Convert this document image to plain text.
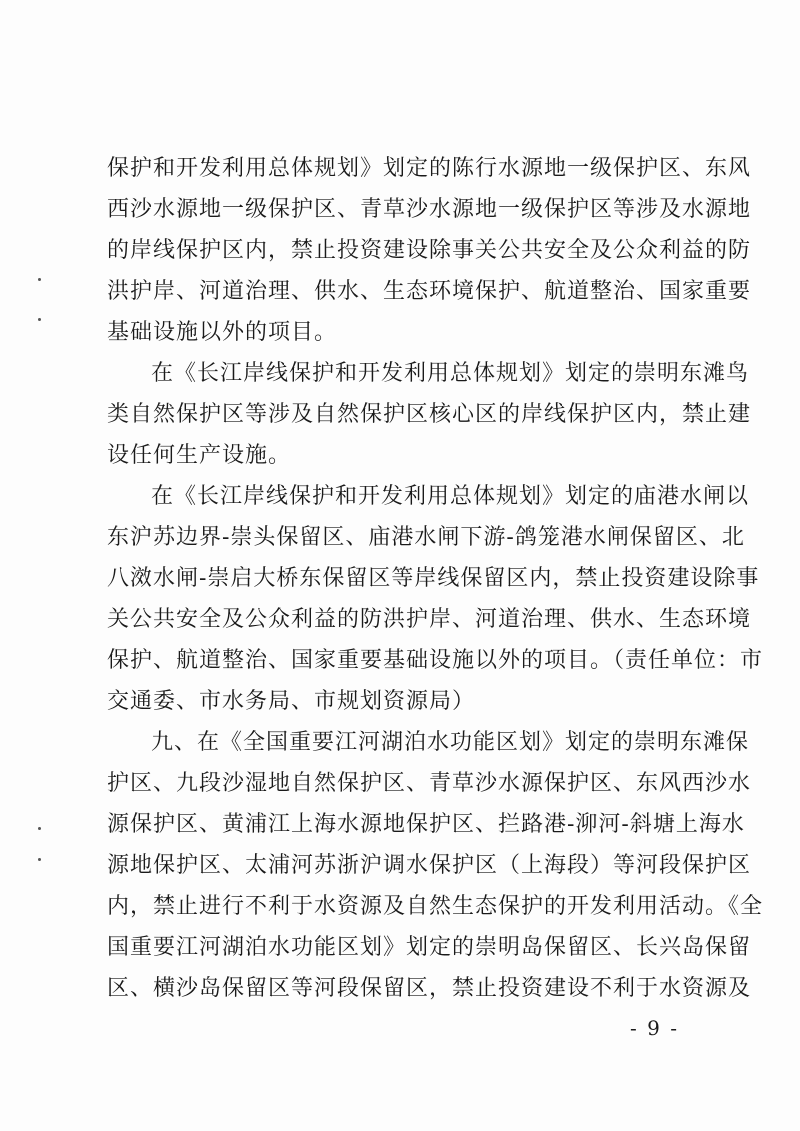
保护和开发利用总体规划》划定的陈行水源地一级保护区、东风
西沙水源地一级保护区、青草沙水源地一级保护区等涉及水源地
的岸线保护区内，禁止投资建设除事关公共安全及公众利益的防
洪护岸、河道治理、供水、生态环境保护、航道整治、国家重要
基础设施以外的项目。
在《长江岸线保护和开发利用总体规划》划定的崇明东滩鸟
类自然保护区等涉及自然保护区核心区的岸线保护区内，禁止建
设任何生产设施。
在《长江岸线保护和开发利用总体规划》划定的庙港水闸以
东沪苏边界-崇头保留区、庙港水闸下游-鸽笼港水闸保留区、北
八滧水闸-崇启大桥东保留区等岸线保留区内，禁止投资建设除事
关公共安全及公众利益的防洪护岸、河道治理、供水、生态环境
保护、航道整治、国家重要基础设施以外的项目。（责任单位：市
交通委、市水务局、市规划资源局）
九、在《全国重要江河湖泊水功能区划》划定的崇明东滩保
护区、九段沙湿地自然保护区、青草沙水源保护区、东风西沙水
源保护区、黄浦江上海水源地保护区、拦路港-泖河-斜塘上海水
源地保护区、太浦河苏浙沪调水保护区（上海段）等河段保护区
内，禁止进行不利于水资源及自然生态保护的开发利用活动。《全
国重要江河湖泊水功能区划》划定的崇明岛保留区、长兴岛保留
区、横沙岛保留区等河段保留区，禁止投资建设不利于水资源及
- 9 -
